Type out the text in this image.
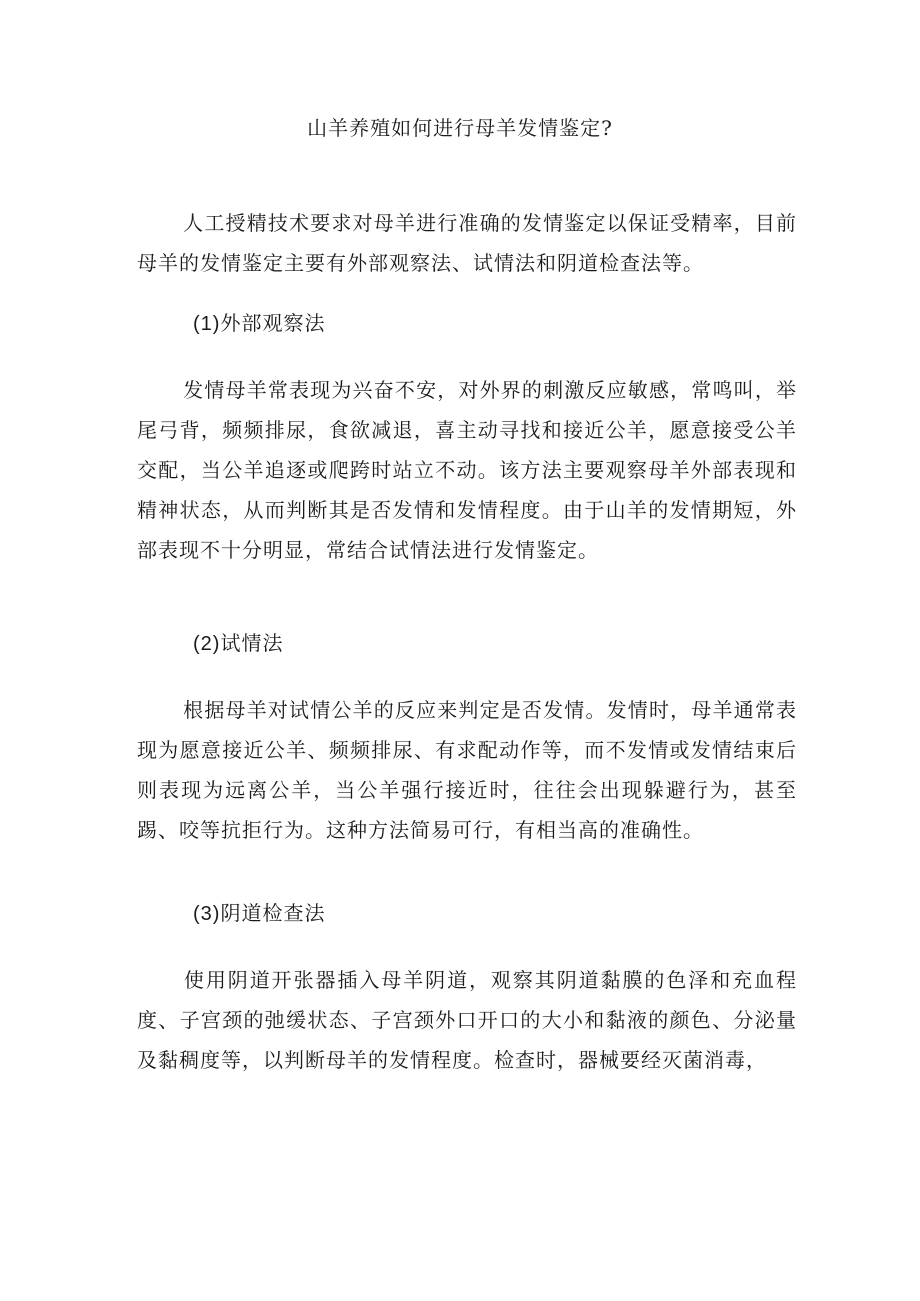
山羊养殖如何进行母羊发情鉴定?

人工授精技术要求对母羊进行准确的发情鉴定以保证受精率，目前母羊的发情鉴定主要有外部观察法、试情法和阴道检查法等。

(1)外部观察法

发情母羊常表现为兴奋不安，对外界的刺激反应敏感，常鸣叫，举尾弓背，频频排尿，食欲减退，喜主动寻找和接近公羊，愿意接受公羊交配，当公羊追逐或爬跨时站立不动。该方法主要观察母羊外部表现和精神状态，从而判断其是否发情和发情程度。由于山羊的发情期短，外部表现不十分明显，常结合试情法进行发情鉴定。

(2)试情法

根据母羊对试情公羊的反应来判定是否发情。发情时，母羊通常表现为愿意接近公羊、频频排尿、有求配动作等，而不发情或发情结束后则表现为远离公羊，当公羊强行接近时，往往会出现躲避行为，甚至踢、咬等抗拒行为。这种方法简易可行，有相当高的准确性。

(3)阴道检查法

使用阴道开张器插入母羊阴道，观察其阴道黏膜的色泽和充血程度、子宫颈的弛缓状态、子宫颈外口开口的大小和黏液的颜色、分泌量及黏稠度等，以判断母羊的发情程度。检查时，器械要经灭菌消毒，
